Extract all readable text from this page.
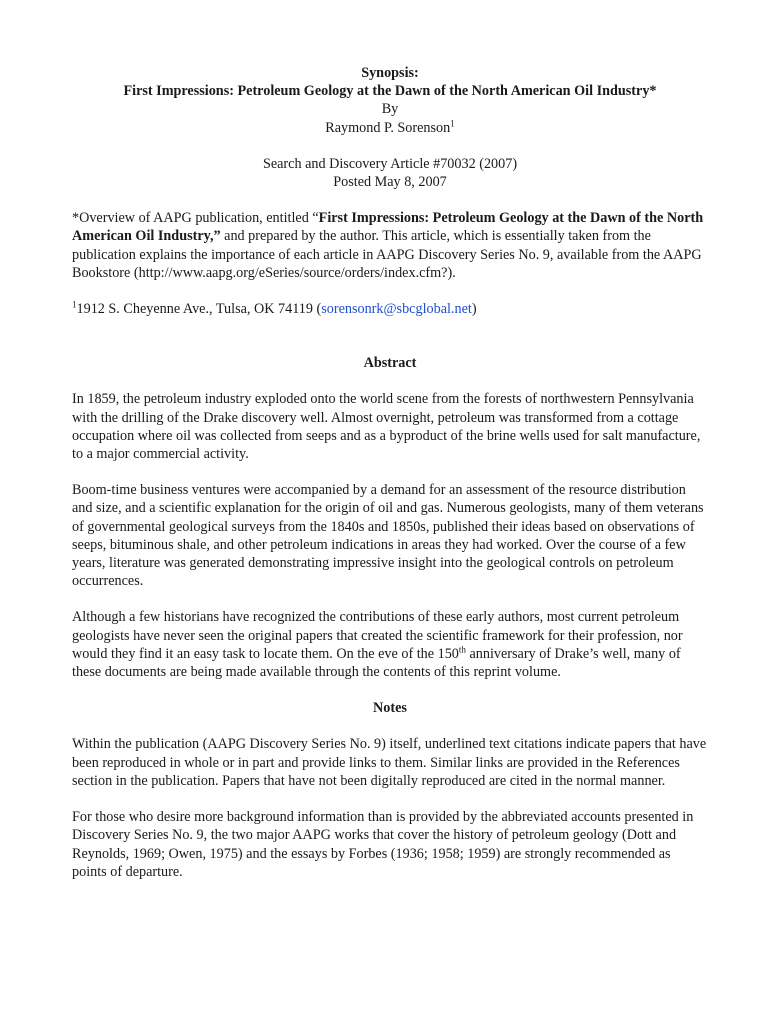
Synopsis:
First Impressions: Petroleum Geology at the Dawn of the North American Oil Industry*
By
Raymond P. Sorenson$^1$
Search and Discovery Article #70032 (2007)
Posted May 8, 2007

*Overview of AAPG publication, entitled “First Impressions: Petroleum Geology at the Dawn of the North American Oil Industry,” and prepared by the author. This article, which is essentially taken from the publication explains the importance of each article in AAPG Discovery Series No. 9, available from the AAPG Bookstore (http://www.aapg.org/eSeries/source/orders/index.cfm?).

$^1$1912 S. Cheyenne Ave., Tulsa, OK 74119 (sorensonrk@sbcglobal.net)

Abstract

In 1859, the petroleum industry exploded onto the world scene from the forests of northwestern Pennsylvania with the drilling of the Drake discovery well. Almost overnight, petroleum was transformed from a cottage occupation where oil was collected from seeps and as a byproduct of the brine wells used for salt manufacture, to a major commercial activity.

Boom-time business ventures were accompanied by a demand for an assessment of the resource distribution and size, and a scientific explanation for the origin of oil and gas. Numerous geologists, many of them veterans of governmental geological surveys from the 1840s and 1850s, published their ideas based on observations of seeps, bituminous shale, and other petroleum indications in areas they had worked. Over the course of a few years, literature was generated demonstrating impressive insight into the geological controls on petroleum occurrences.

Although a few historians have recognized the contributions of these early authors, most current petroleum geologists have never seen the original papers that created the scientific framework for their profession, nor would they find it an easy task to locate them. On the eve of the 150th anniversary of Drake’s well, many of these documents are being made available through the contents of this reprint volume.

Notes

Within the publication (AAPG Discovery Series No. 9) itself, underlined text citations indicate papers that have been reproduced in whole or in part and provide links to them. Similar links are provided in the References section in the publication. Papers that have not been digitally reproduced are cited in the normal manner.

For those who desire more background information than is provided by the abbreviated accounts presented in Discovery Series No. 9, the two major AAPG works that cover the history of petroleum geology (Dott and Reynolds, 1969; Owen, 1975) and the essays by Forbes (1936; 1958; 1959) are strongly recommended as points of departure.
